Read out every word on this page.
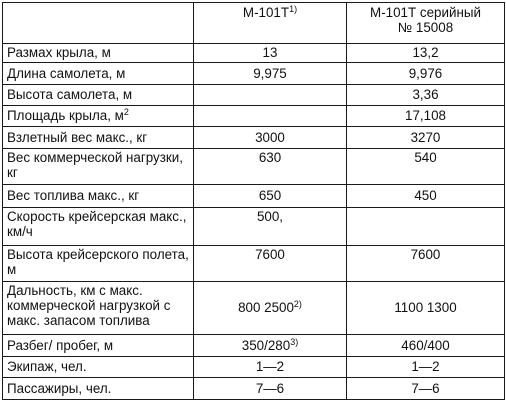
	$М-101Т^{1)}$	М-101Т серийный
№ 15008
Размах крыла, м	13	13,2
Длина самолета, м	9,975	9,976
Высота самолета, м		3,36
Площадь крыла, $м^2$		17,108
Взлетный вес макс., кг	3000	3270
Вес коммерческой нагрузки, кг	630	540
Вес топлива макс., кг	650	450
Скорость крейсерская макс., км/ч	500,	
Высота крейсерского полета, м	7600	7600
Дальность, км с макс. коммерческой нагрузкой с макс. запасом топлива	800 2500$^{2)}$	1100 1300
Разбег/ пробег, м	350/280$^{3)}$	460/400
Экипаж, чел.	1—2	1—2
Пассажиры, чел.	7—6	7—6
